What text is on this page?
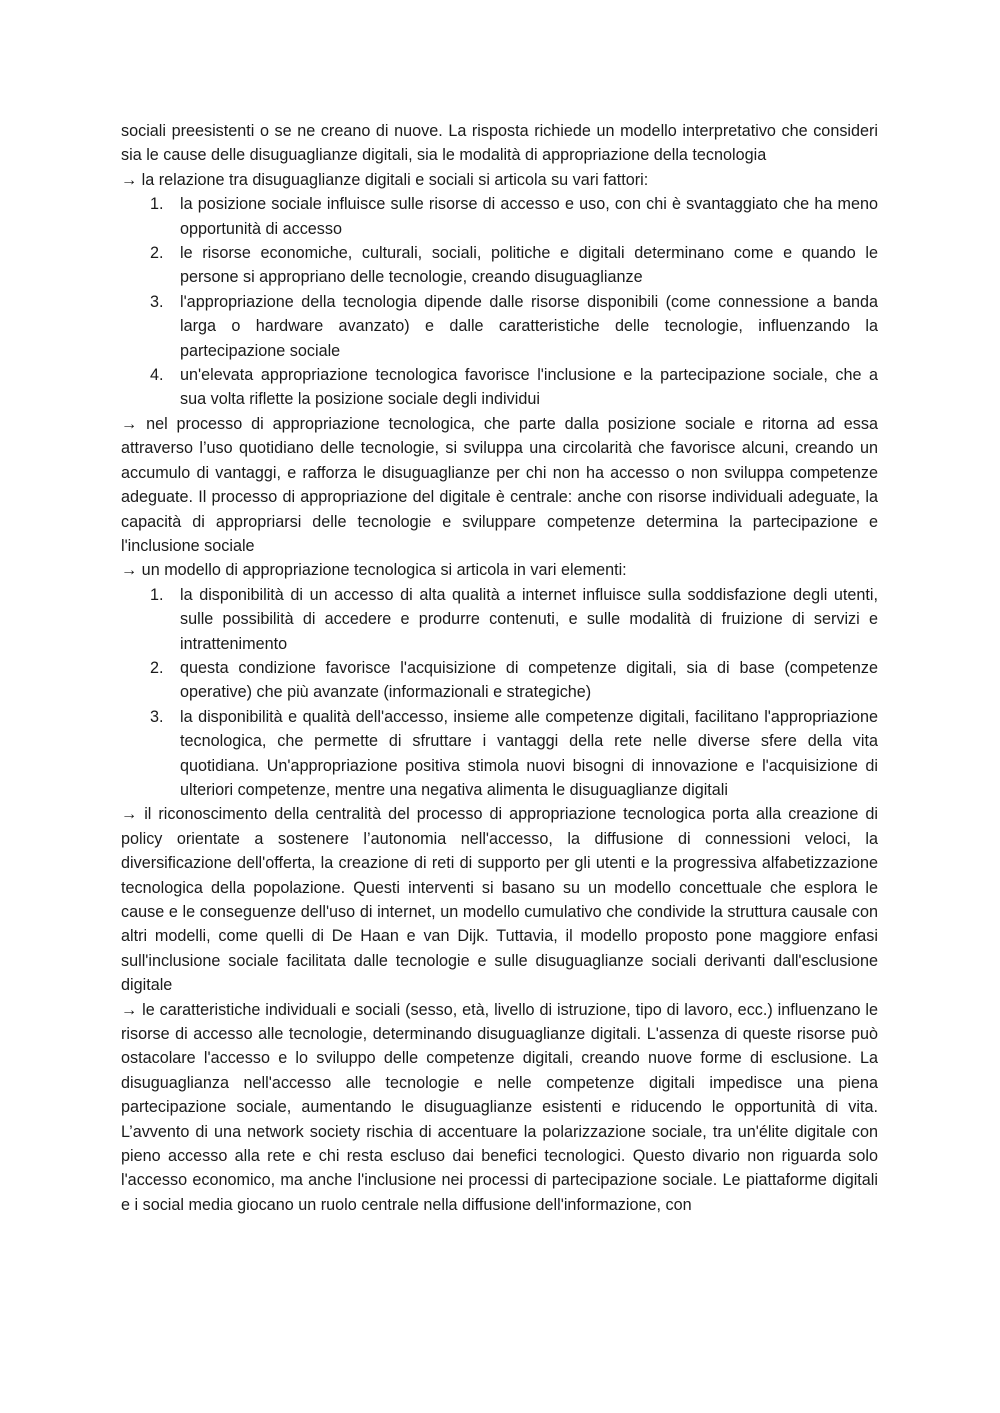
sociali preesistenti o se ne creano di nuove. La risposta richiede un modello interpretativo che consideri sia le cause delle disuguaglianze digitali, sia le modalità di appropriazione della tecnologia

→ la relazione tra disuguaglianze digitali e sociali si articola su vari fattori:

1. la posizione sociale influisce sulle risorse di accesso e uso, con chi è svantaggiato che ha meno opportunità di accesso
2. le risorse economiche, culturali, sociali, politiche e digitali determinano come e quando le persone si appropriano delle tecnologie, creando disuguaglianze
3. l'appropriazione della tecnologia dipende dalle risorse disponibili (come connessione a banda larga o hardware avanzato) e dalle caratteristiche delle tecnologie, influenzando la partecipazione sociale
4. un'elevata appropriazione tecnologica favorisce l'inclusione e la partecipazione sociale, che a sua volta riflette la posizione sociale degli individui

→ nel processo di appropriazione tecnologica, che parte dalla posizione sociale e ritorna ad essa attraverso l’uso quotidiano delle tecnologie, si sviluppa una circolarità che favorisce alcuni, creando un accumulo di vantaggi, e rafforza le disuguaglianze per chi non ha accesso o non sviluppa competenze adeguate. Il processo di appropriazione del digitale è centrale: anche con risorse individuali adeguate, la capacità di appropriarsi delle tecnologie e sviluppare competenze determina la partecipazione e l'inclusione sociale

→ un modello di appropriazione tecnologica si articola in vari elementi:

1. la disponibilità di un accesso di alta qualità a internet influisce sulla soddisfazione degli utenti, sulle possibilità di accedere e produrre contenuti, e sulle modalità di fruizione di servizi e intrattenimento
2. questa condizione favorisce l'acquisizione di competenze digitali, sia di base (competenze operative) che più avanzate (informazionali e strategiche)
3. la disponibilità e qualità dell'accesso, insieme alle competenze digitali, facilitano l'appropriazione tecnologica, che permette di sfruttare i vantaggi della rete nelle diverse sfere della vita quotidiana. Un'appropriazione positiva stimola nuovi bisogni di innovazione e l'acquisizione di ulteriori competenze, mentre una negativa alimenta le disuguaglianze digitali

→ il riconoscimento della centralità del processo di appropriazione tecnologica porta alla creazione di policy orientate a sostenere l’autonomia nell'accesso, la diffusione di connessioni veloci, la diversificazione dell'offerta, la creazione di reti di supporto per gli utenti e la progressiva alfabetizzazione tecnologica della popolazione. Questi interventi si basano su un modello concettuale che esplora le cause e le conseguenze dell'uso di internet, un modello cumulativo che condivide la struttura causale con altri modelli, come quelli di De Haan e van Dijk. Tuttavia, il modello proposto pone maggiore enfasi sull'inclusione sociale facilitata dalle tecnologie e sulle disuguaglianze sociali derivanti dall'esclusione digitale

→ le caratteristiche individuali e sociali (sesso, età, livello di istruzione, tipo di lavoro, ecc.) influenzano le risorse di accesso alle tecnologie, determinando disuguaglianze digitali. L'assenza di queste risorse può ostacolare l'accesso e lo sviluppo delle competenze digitali, creando nuove forme di esclusione. La disuguaglianza nell'accesso alle tecnologie e nelle competenze digitali impedisce una piena partecipazione sociale, aumentando le disuguaglianze esistenti e riducendo le opportunità di vita. L’avvento di una network society rischia di accentuare la polarizzazione sociale, tra un'élite digitale con pieno accesso alla rete e chi resta escluso dai benefici tecnologici. Questo divario non riguarda solo l'accesso economico, ma anche l'inclusione nei processi di partecipazione sociale. Le piattaforme digitali e i social media giocano un ruolo centrale nella diffusione dell'informazione, con
